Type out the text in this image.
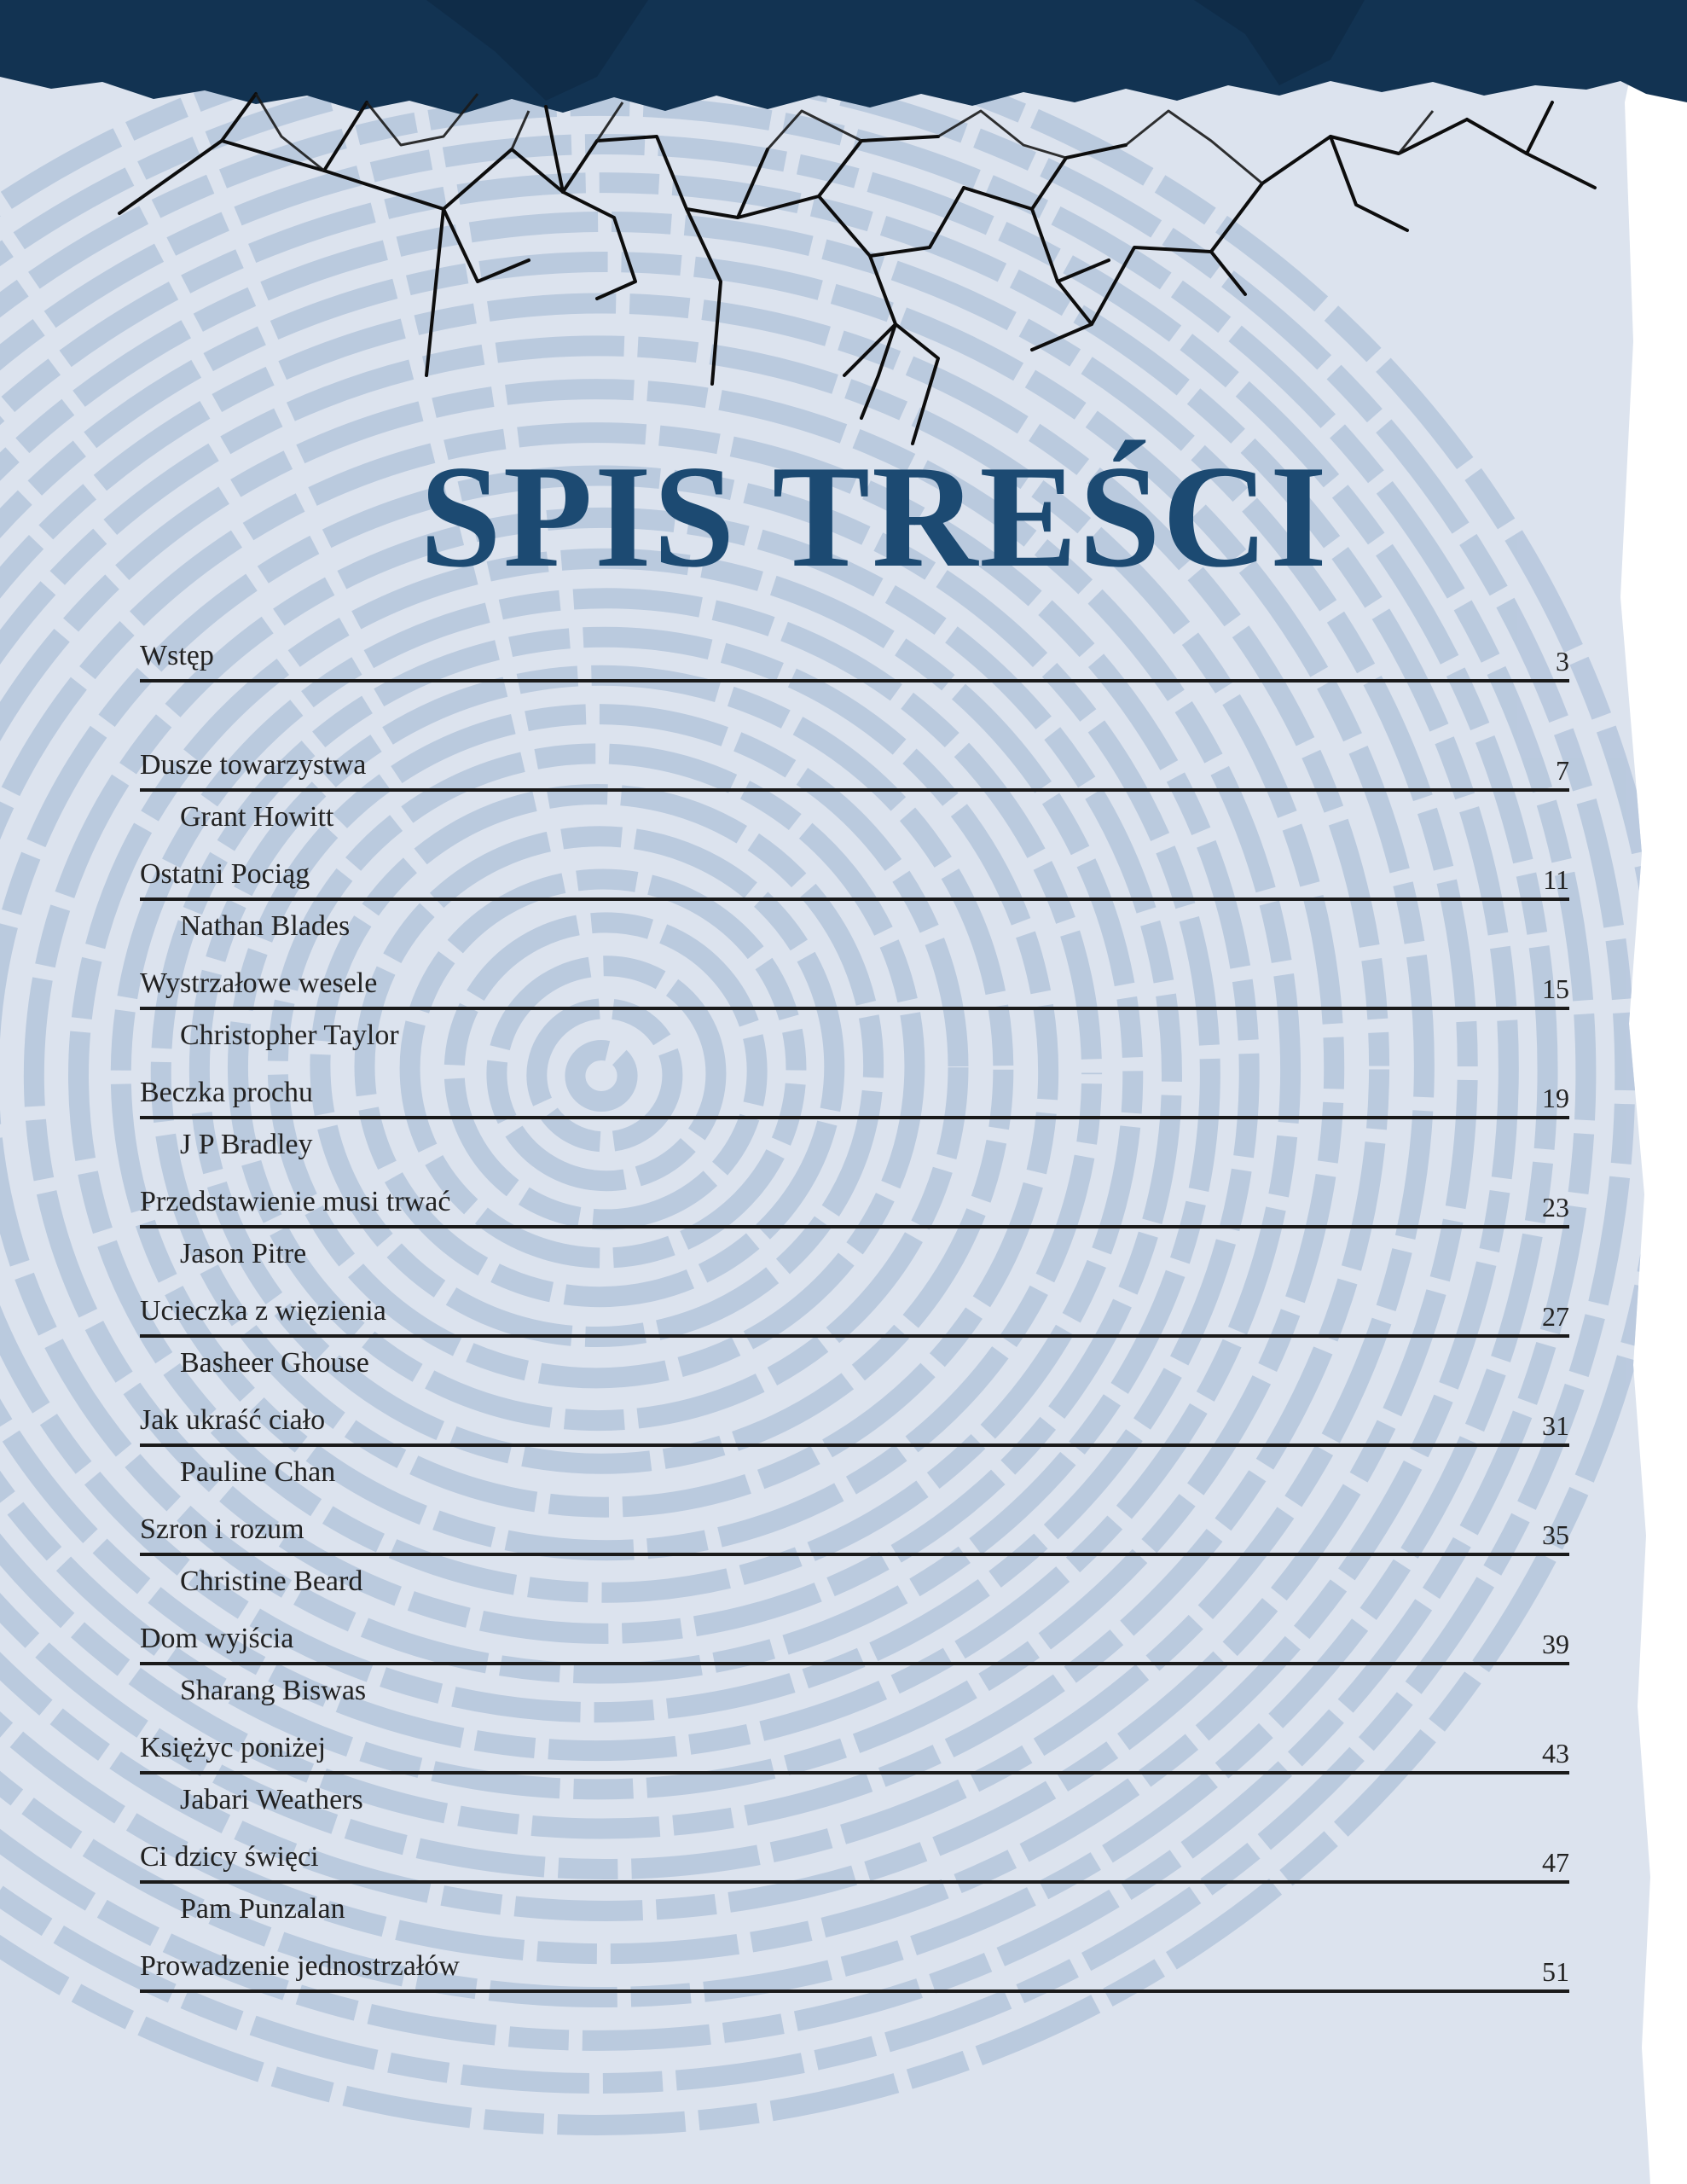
SPIS TREŚCI
Wstęp	3
Dusze towarzystwa	7
Grant Howitt
Ostatni Pociąg	11
Nathan Blades
Wystrzałowe wesele	15
Christopher Taylor
Beczka prochu	19
J P Bradley
Przedstawienie musi trwać	23
Jason Pitre
Ucieczka z więzienia	27
Basheer Ghouse
Jak ukraść ciało	31
Pauline Chan
Szron i rozum	35
Christine Beard
Dom wyjścia	39
Sharang Biswas
Księżyc poniżej	43
Jabari Weathers
Ci dzicy święci	47
Pam Punzalan
Prowadzenie jednostrzałów	51
